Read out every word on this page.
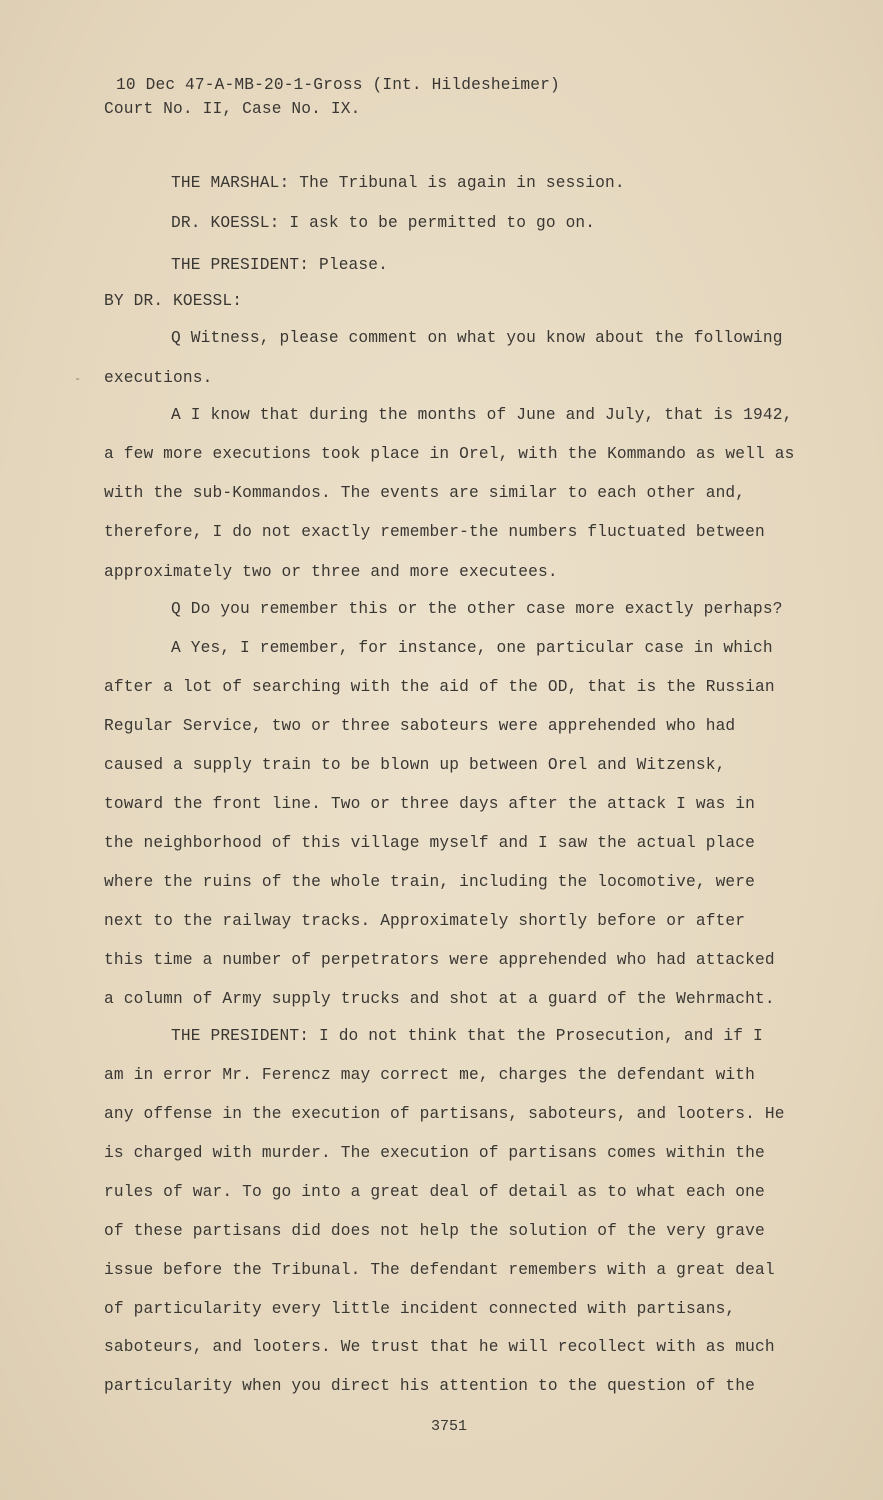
10 Dec 47-A-MB-20-1-Gross (Int. Hildesheimer)
Court No. II, Case No. IX.
THE MARSHAL: The Tribunal is again in session.
DR. KOESSL: I ask to be permitted to go on.
THE PRESIDENT: Please.
BY DR. KOESSL:
Q Witness, please comment on what you know about the following
executions.
A I know that during the months of June and July, that is 1942,
a few more executions took place in Orel, with the Kommando as well as
with the sub-Kommandos. The events are similar to each other and,
therefore, I do not exactly remember-the numbers fluctuated between
approximately two or three and more executees.
Q Do you remember this or the other case more exactly perhaps?
A Yes, I remember, for instance, one particular case in which
after a lot of searching with the aid of the OD, that is the Russian
Regular Service, two or three saboteurs were apprehended who had
caused a supply train to be blown up between Orel and Witzensk,
toward the front line. Two or three days after the attack I was in
the neighborhood of this village myself and I saw the actual place
where the ruins of the whole train, including the locomotive, were
next to the railway tracks. Approximately shortly before or after
this time a number of perpetrators were apprehended who had attacked
a column of Army supply trucks and shot at a guard of the Wehrmacht.
THE PRESIDENT: I do not think that the Prosecution, and if I
am in error Mr. Ferencz may correct me, charges the defendant with
any offense in the execution of partisans, saboteurs, and looters. He
is charged with murder. The execution of partisans comes within the
rules of war. To go into a great deal of detail as to what each one
of these partisans did does not help the solution of the very grave
issue before the Tribunal. The defendant remembers with a great deal
of particularity every little incident connected with partisans,
saboteurs, and looters. We trust that he will recollect with as much
particularity when you direct his attention to the question of the
3751
-
